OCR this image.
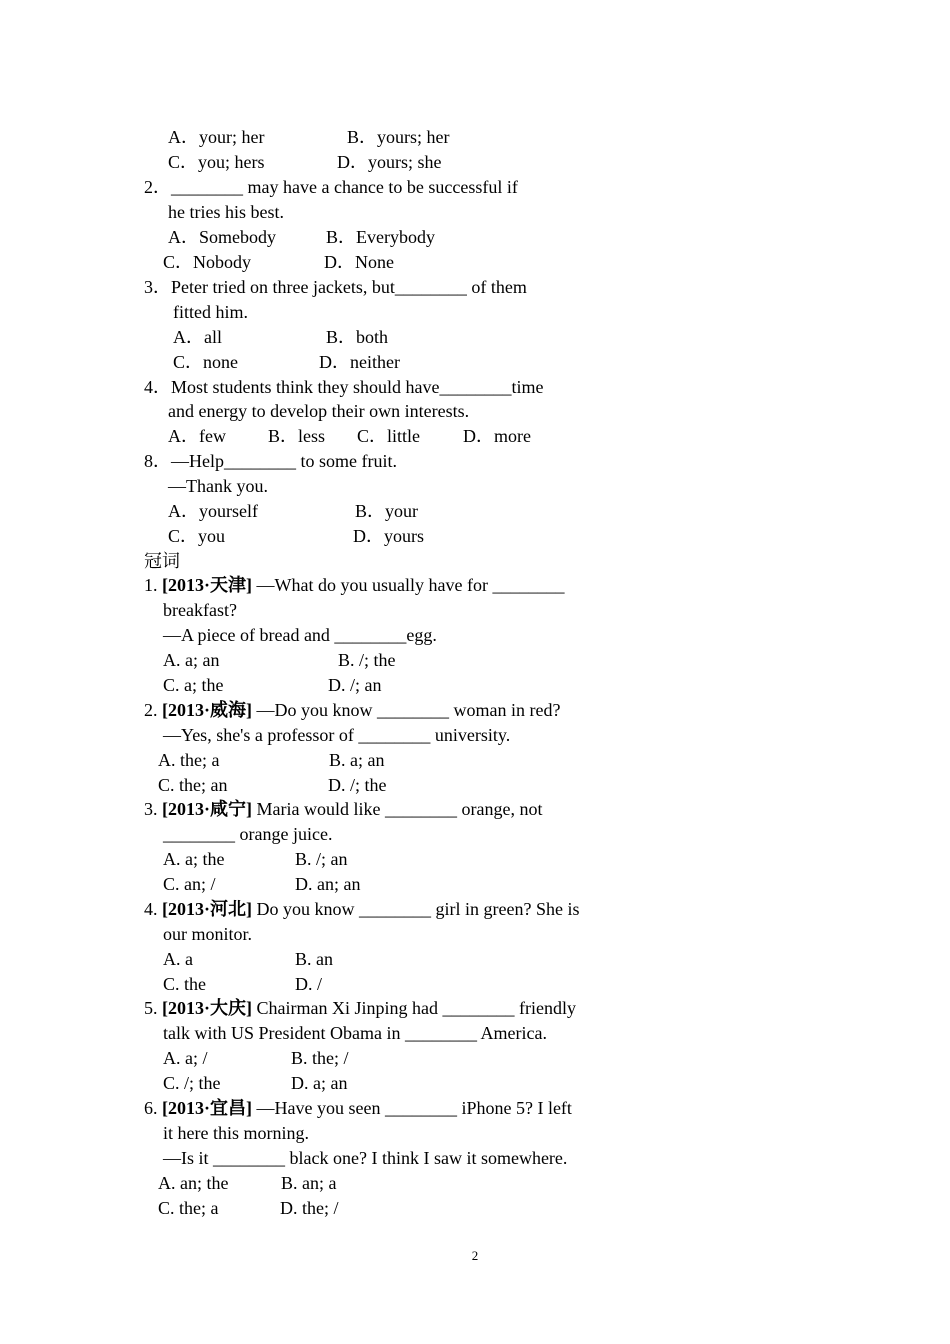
A．your; her	B．yours; her
C．you; hers	D．yours; she
2．________ may have a chance to be successful if
he tries his best.
A．Somebody	B．Everybody
C．Nobody	D．None
3．Peter tried on three jackets, but________ of them
fitted him.
A．all	B．both
C．none	D．neither
4．Most students think they should have________time
and energy to develop their own interests.
A．few B．less C．little D．more
8．—Help________ to some fruit.
—Thank you.
A．yourself	B．your
C．you	D．yours
冠词
1. [2013·天津] —What do you usually have for ________
breakfast?
—A piece of bread and ________egg.
A. a; an	B. /; the
C. a; the	D. /; an
2. [2013·威海] —Do you know ________ woman in red?
—Yes, she's a professor of ________ university.
A. the; a	B. a; an
C. the; an	D. /; the
3. [2013·咸宁] Maria would like ________ orange, not
________ orange juice.
A. a; the	B. /; an
C. an; /	D. an; an
4. [2013·河北] Do you know ________ girl in green? She is
our monitor.
A. a	B. an
C. the	D. /
5. [2013·大庆] Chairman Xi Jinping had ________ friendly
talk with US President Obama in ________ America.
A. a; /	B. the; /
C. /; the	D. a; an
6. [2013·宜昌] —Have you seen ________ iPhone 5? I left
it here this morning.
—Is it ________ black one? I think I saw it somewhere.
A. an; the	B. an; a
C. the; a	D. the; /
2
